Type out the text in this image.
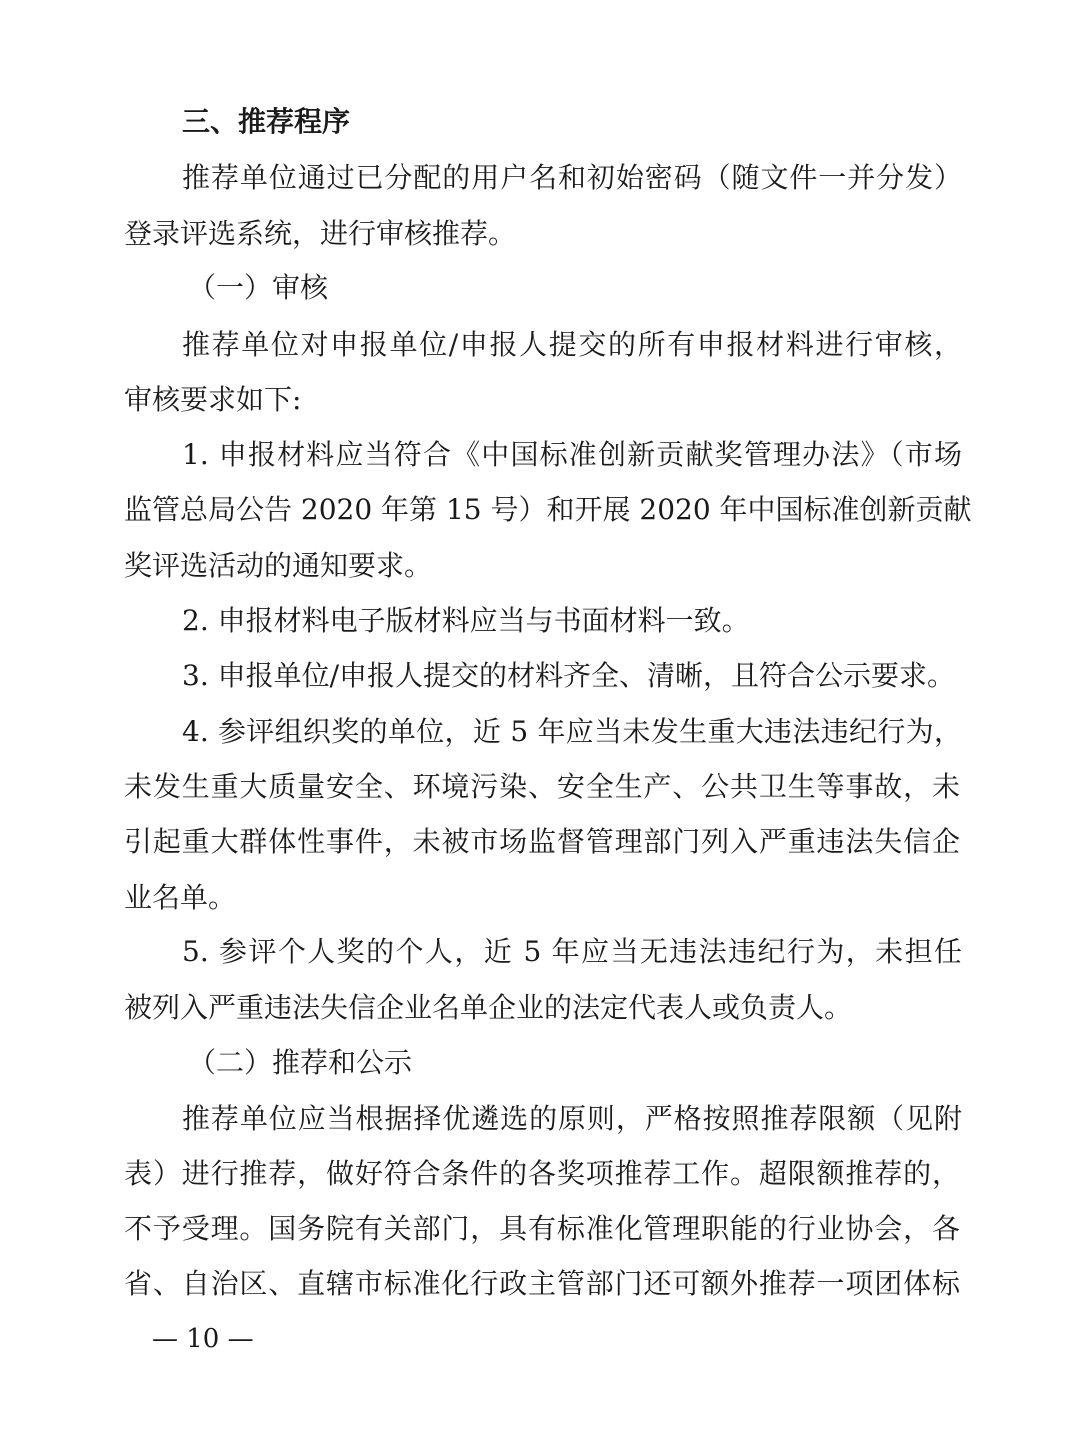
三、推荐程序
推荐单位通过已分配的用户名和初始密码（随文件一并分发）
登录评选系统，进行审核推荐。
（一）审核
推荐单位对申报单位/申报人提交的所有申报材料进行审核，
审核要求如下:
1. 申报材料应当符合《中国标准创新贡献奖管理办法》（市场
监管总局公告 2020 年第 15 号）和开展 2020 年中国标准创新贡献
奖评选活动的通知要求。
2. 申报材料电子版材料应当与书面材料一致。
3. 申报单位/申报人提交的材料齐全、清晰，且符合公示要求。
4. 参评组织奖的单位，近 5 年应当未发生重大违法违纪行为，
未发生重大质量安全、环境污染、安全生产、公共卫生等事故，未
引起重大群体性事件，未被市场监督管理部门列入严重违法失信企
业名单。
5. 参评个人奖的个人，近 5 年应当无违法违纪行为，未担任
被列入严重违法失信企业名单企业的法定代表人或负责人。
（二）推荐和公示
推荐单位应当根据择优遴选的原则，严格按照推荐限额（见附
表）进行推荐，做好符合条件的各奖项推荐工作。超限额推荐的，
不予受理。国务院有关部门，具有标准化管理职能的行业协会，各
省、自治区、直辖市标准化行政主管部门还可额外推荐一项团体标
— 10 —
